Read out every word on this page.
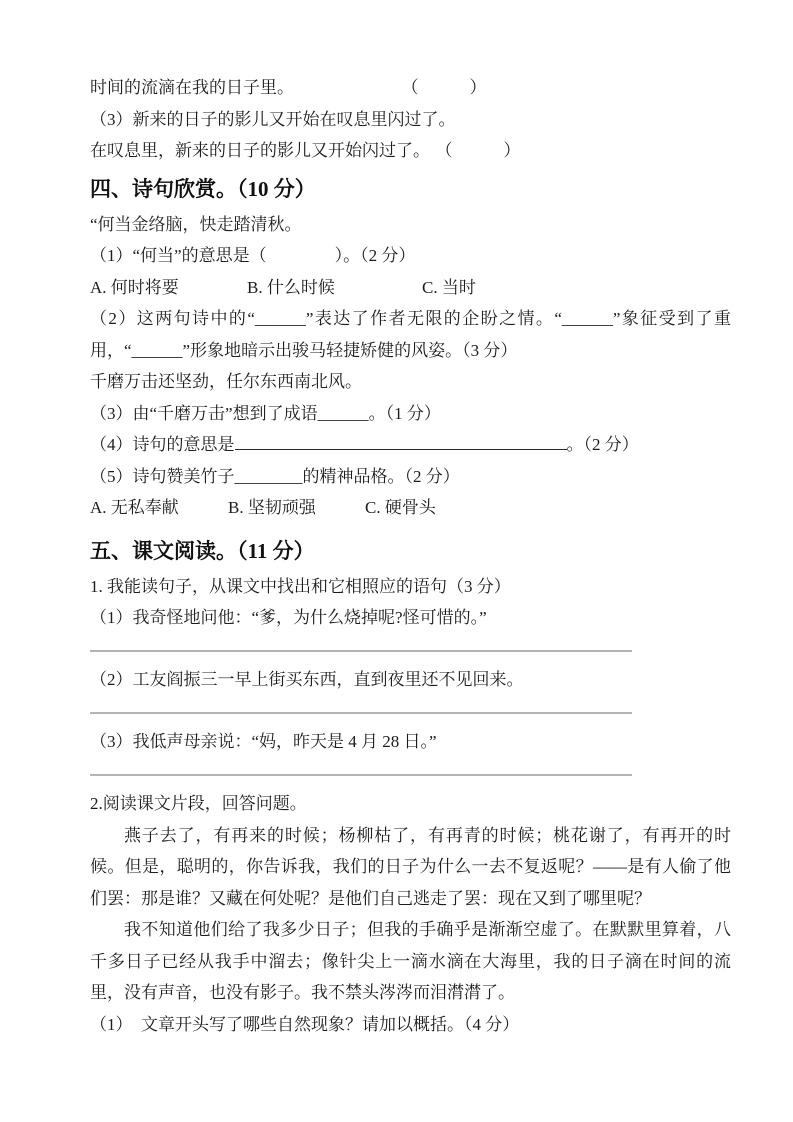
时间的流滴在我的日子里。	（　　　）
（3）新来的日子的影儿又开始在叹息里闪过了。
在叹息里，新来的日子的影儿又开始闪过了。 （　　　）
四、诗句欣赏。（10 分）
“何当金络脑，快走踏清秋。
（1）“何当”的意思是（　　　　）。（2 分）
A. 何时将要	B. 什么时候	C. 当时
（2）这两句诗中的“______”表达了作者无限的企盼之情。“______”象征受到了重用，“______”形象地暗示出骏马轻捷矫健的风姿。（3 分）
千磨万击还坚劲，任尔东西南北风。
（3）由“千磨万击”想到了成语______。（1 分）
（4）诗句的意思是	。（2 分）
（5）诗句赞美竹子________的精神品格。（2 分）
A. 无私奉献	B. 坚韧顽强	C. 硬骨头
五、课文阅读。（11 分）
1. 我能读句子，从课文中找出和它相照应的语句（3 分）
（1）我奇怪地问他：“爹，为什么烧掉呢?怪可惜的。”
（2）工友阎振三一早上街买东西，直到夜里还不见回来。
（3）我低声母亲说：“妈，昨天是 4 月 28 日。”
2.阅读课文片段，回答问题。

燕子去了，有再来的时候；杨柳枯了，有再青的时候；桃花谢了，有再开的时候。但是，聪明的，你告诉我，我们的日子为什么一去不复返呢？——是有人偷了他们罢：那是谁？又藏在何处呢？是他们自己逃走了罢：现在又到了哪里呢？

我不知道他们给了我多少日子；但我的手确乎是渐渐空虚了。在默默里算着，八千多日子已经从我手中溜去；像针尖上一滴水滴在大海里，我的日子滴在时间的流里，没有声音，也没有影子。我不禁头涔涔而泪潸潸了。

（1）　文章开头写了哪些自然现象？请加以概括。（4 分）
